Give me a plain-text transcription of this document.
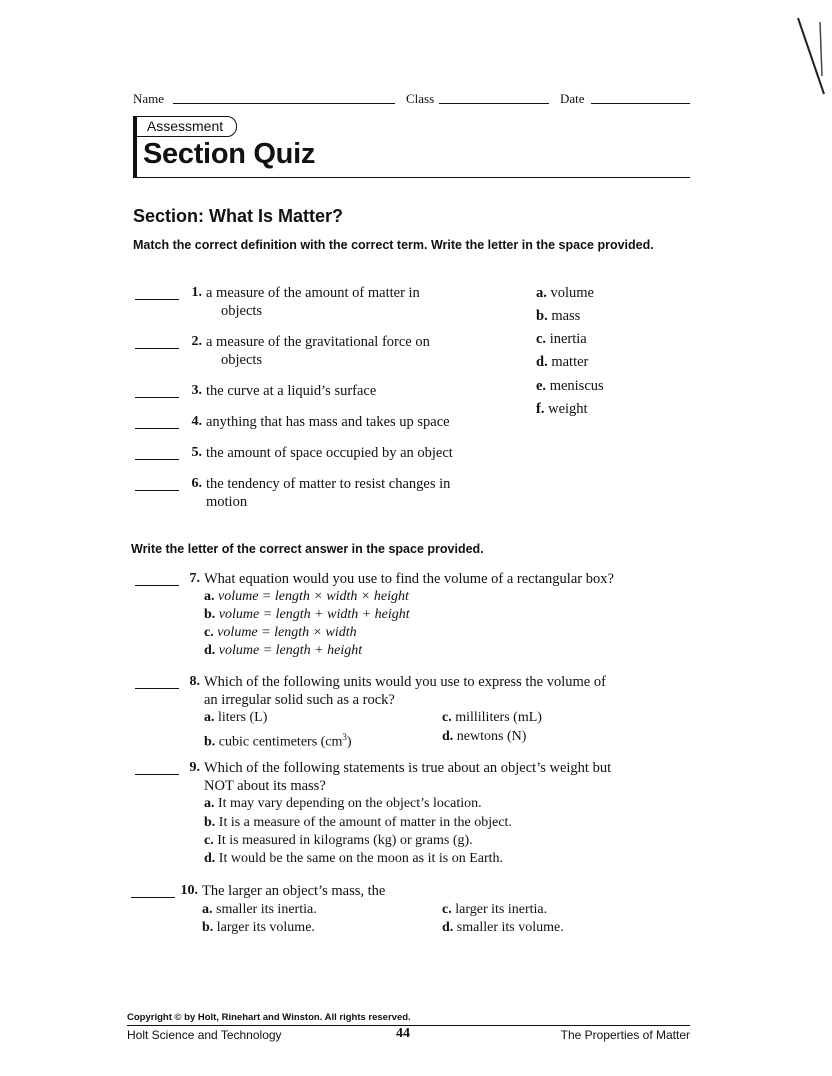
Name	Class	Date
Assessment
Section Quiz
Section: What Is Matter?
Match the correct definition with the correct term. Write the letter in the space provided.
1. a measure of the amount of matter in
objects
2. a measure of the gravitational force on
objects
3. the curve at a liquid’s surface
4. anything that has mass and takes up space
5. the amount of space occupied by an object
6. the tendency of matter to resist changes in
motion
a. volume
b. mass
c. inertia
d. matter
e. meniscus
f. weight
Write the letter of the correct answer in the space provided.
7. What equation would you use to find the volume of a rectangular box?
a. volume = length × width × height
b. volume = length + width + height
c. volume = length × width
d. volume = length + height
8. Which of the following units would you use to express the volume of
an irregular solid such as a rock?
a. liters (L)
b. cubic centimeters $(cm^3)$
c. milliliters (mL)
d. newtons (N)
9. Which of the following statements is true about an object’s weight but
NOT about its mass?
a. It may vary depending on the object’s location.
b. It is a measure of the amount of matter in the object.
c. It is measured in kilograms (kg) or grams (g).
d. It would be the same on the moon as it is on Earth.
10. The larger an object’s mass, the
a. smaller its inertia.
b. larger its volume.
c. larger its inertia.
d. smaller its volume.
Copyright © by Holt, Rinehart and Winston. All rights reserved.
Holt Science and Technology	44	The Properties of Matter
